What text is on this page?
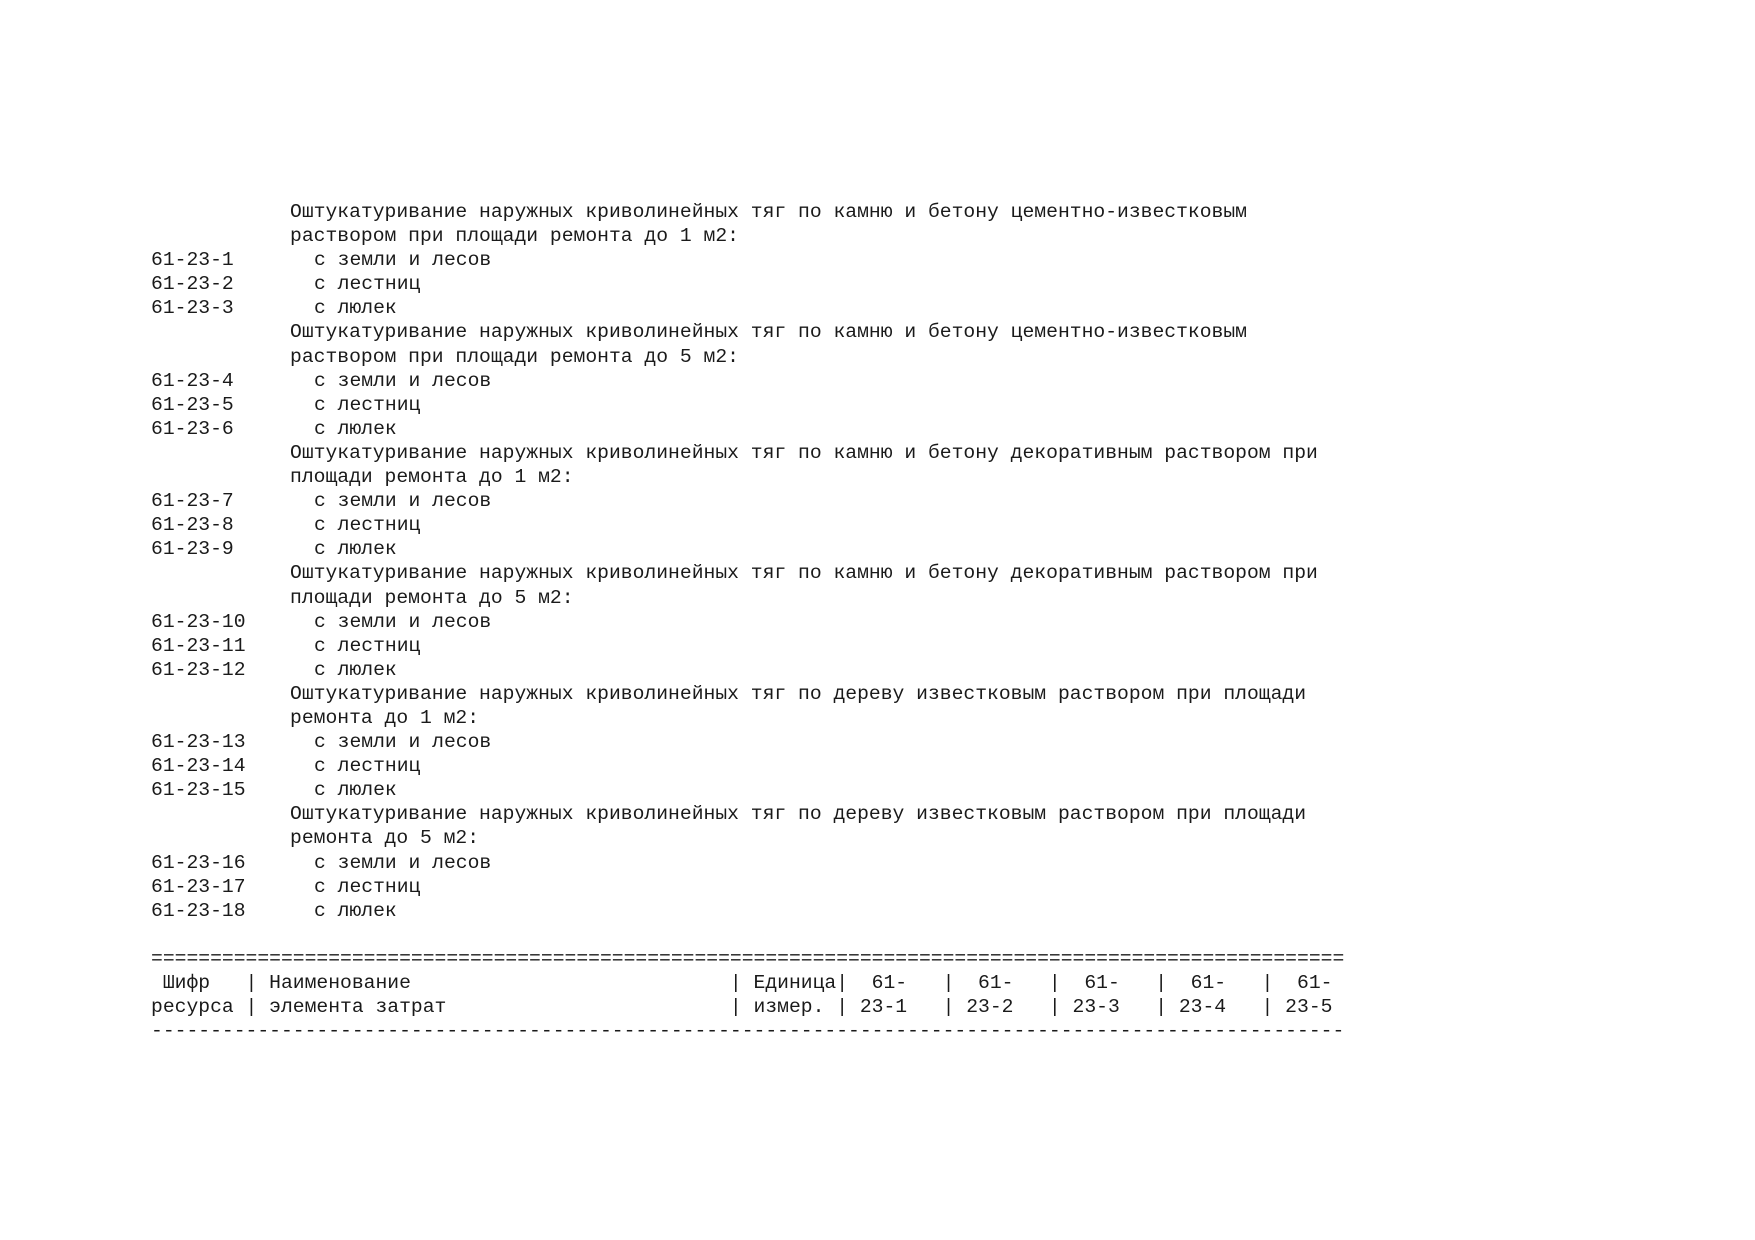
Оштукатуривание наружных криволинейных тяг по камню и бетону цементно-известковым
раствором при площади ремонта до 1 м2:
61-23-1	с земли и лесов
61-23-2	с лестниц
61-23-3	с люлек
Оштукатуривание наружных криволинейных тяг по камню и бетону цементно-известковым
раствором при площади ремонта до 5 м2:
61-23-4	с земли и лесов
61-23-5	с лестниц
61-23-6	с люлек
Оштукатуривание наружных криволинейных тяг по камню и бетону декоративным раствором при
площади ремонта до 1 м2:
61-23-7	с земли и лесов
61-23-8	с лестниц
61-23-9	с люлек
Оштукатуривание наружных криволинейных тяг по камню и бетону декоративным раствором при
площади ремонта до 5 м2:
61-23-10	с земли и лесов
61-23-11	с лестниц
61-23-12	с люлек
Оштукатуривание наружных криволинейных тяг по дереву известковым раствором при площади
ремонта до 1 м2:
61-23-13	с земли и лесов
61-23-14	с лестниц
61-23-15	с люлек
Оштукатуривание наружных криволинейных тяг по дереву известковым раствором при площади
ремонта до 5 м2:
61-23-16	с земли и лесов
61-23-17	с лестниц
61-23-18	с люлек
=====================================================================================================
Шифр   | Наименование                           | Единица|  61-   |  61-   |  61-   |  61-   |  61-
ресурса | элемента затрат                        | измер. | 23-1   | 23-2   | 23-3   | 23-4   | 23-5
-----------------------------------------------------------------------------------------------------
